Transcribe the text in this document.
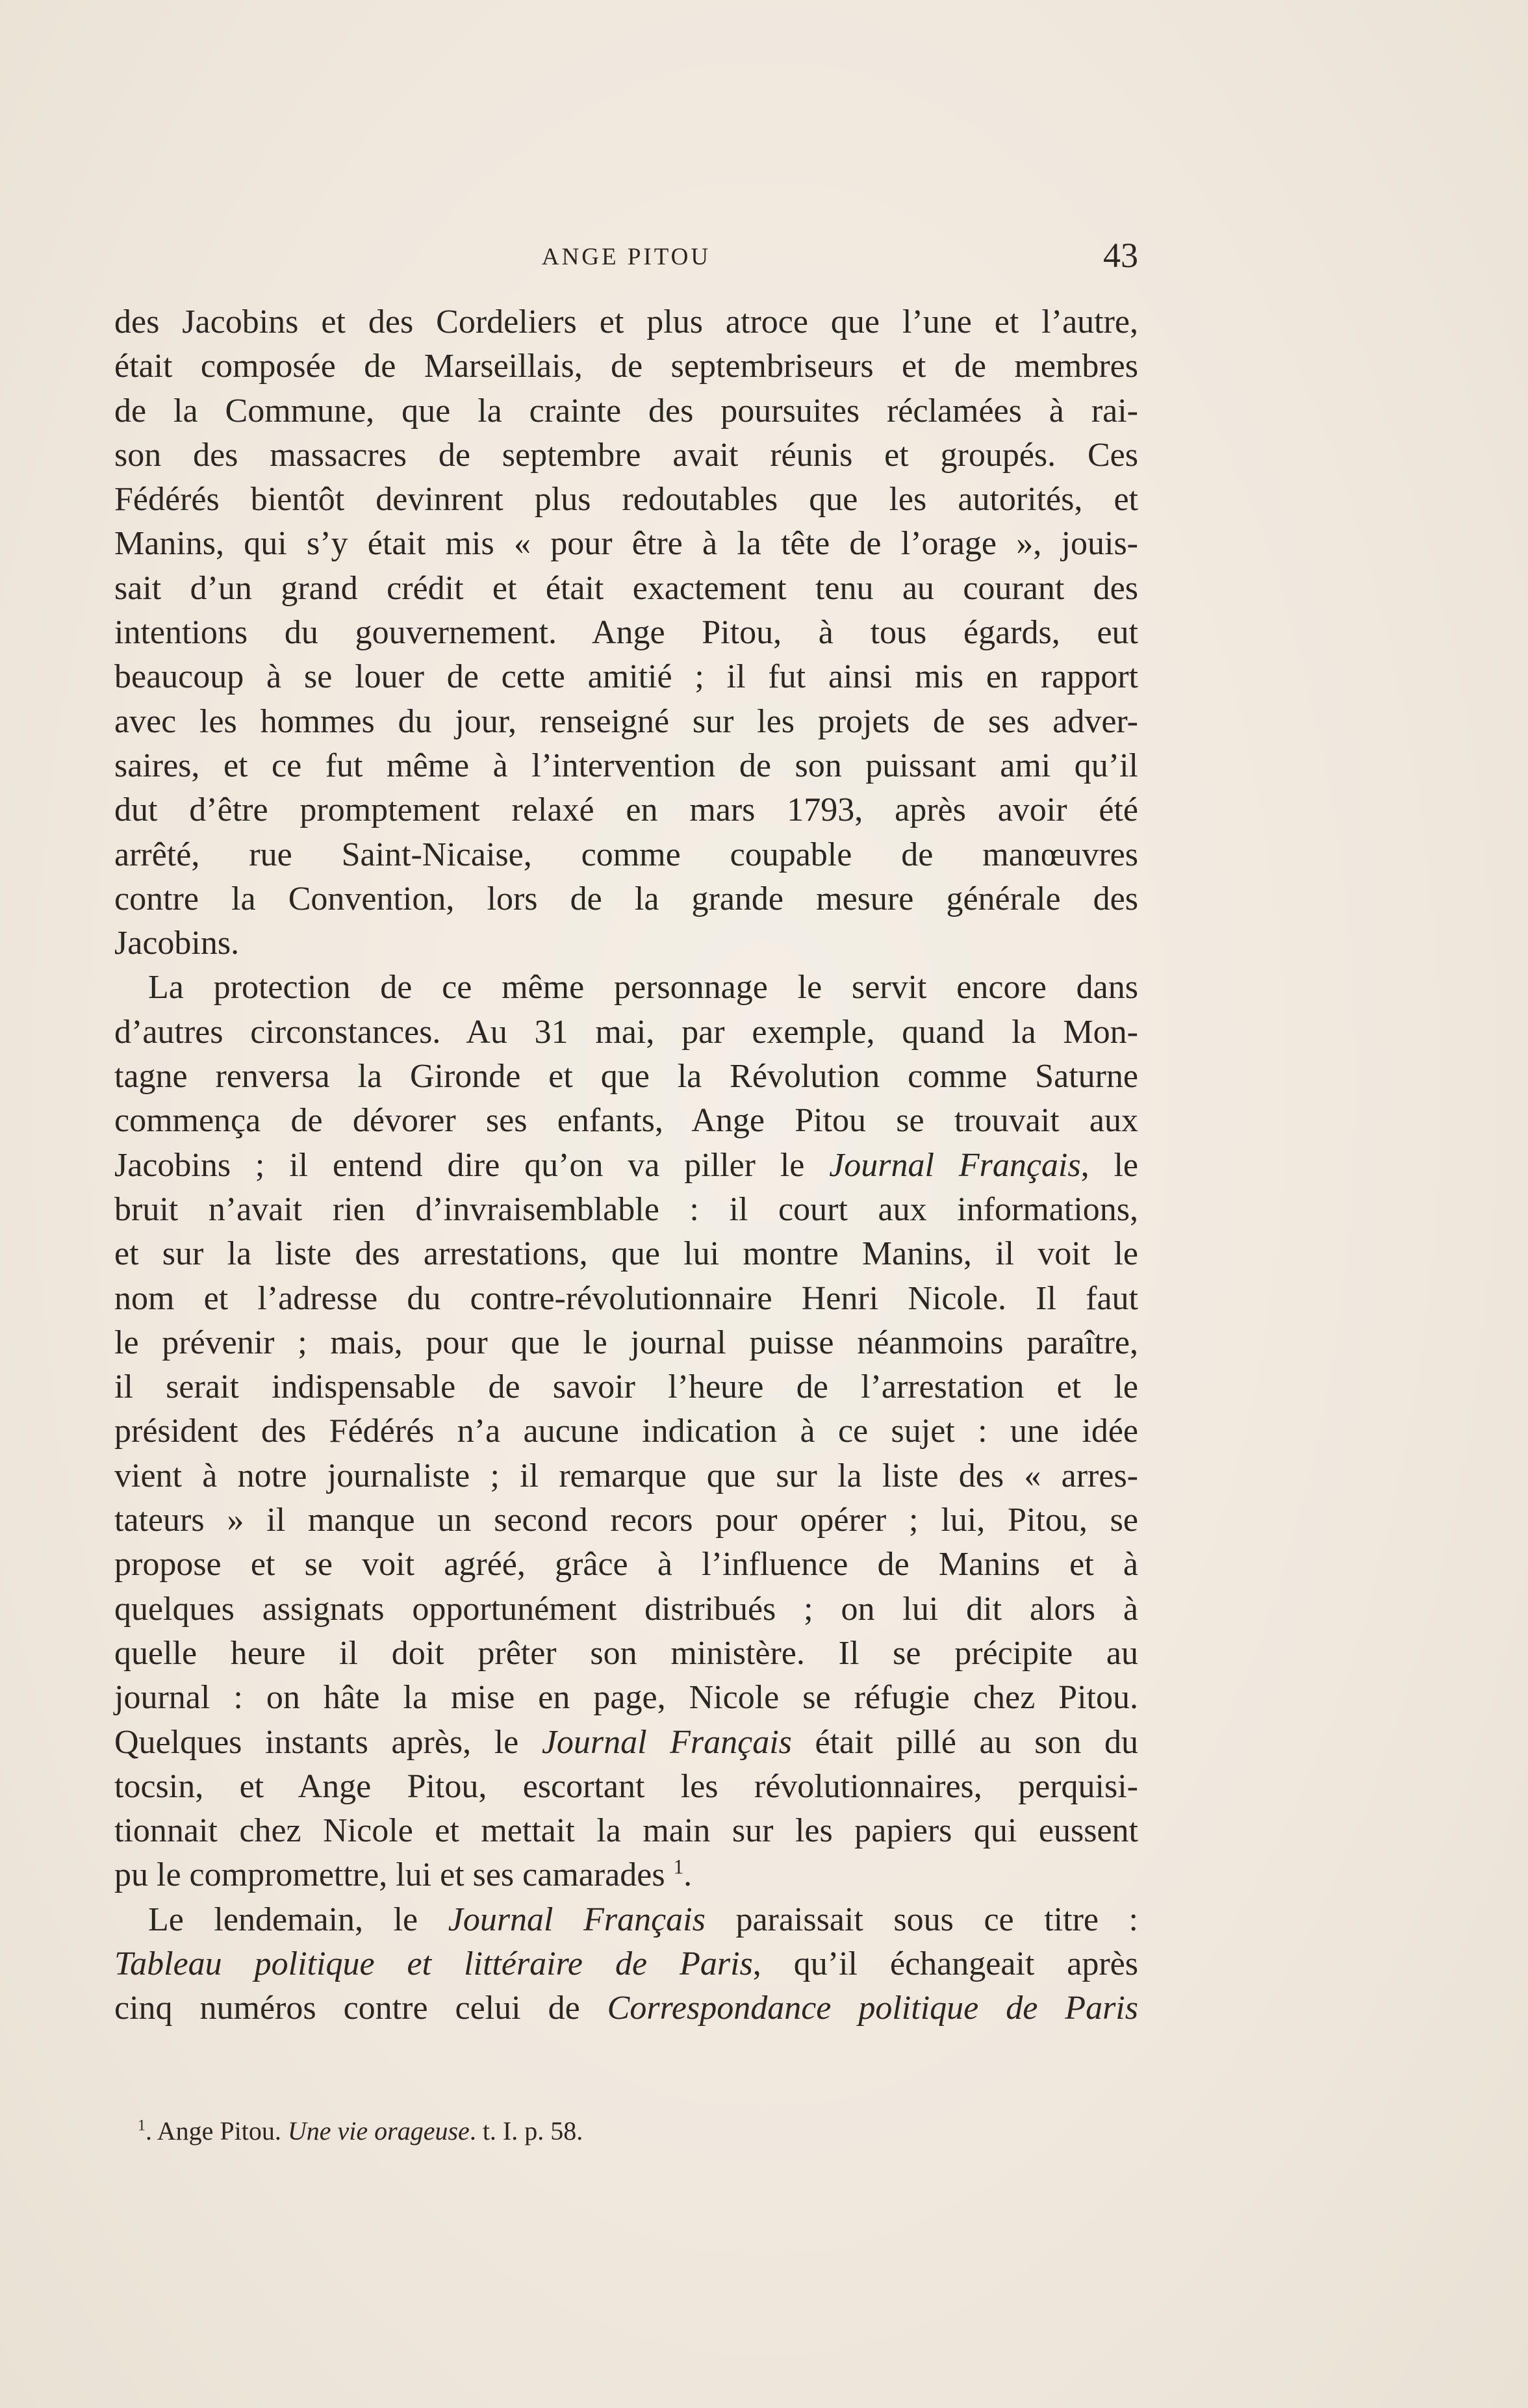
ANGE PITOU	43
des Jacobins et des Cordeliers et plus atroce que l’une et l’autre,
était composée de Marseillais, de septembriseurs et de membres
de la Commune, que la crainte des poursuites réclamées à rai-
son des massacres de septembre avait réunis et groupés. Ces
Fédérés bientôt devinrent plus redoutables que les autorités, et
Manins, qui s’y était mis « pour être à la tête de l’orage », jouis-
sait d’un grand crédit et était exactement tenu au courant des
intentions du gouvernement. Ange Pitou, à tous égards, eut
beaucoup à se louer de cette amitié ; il fut ainsi mis en rapport
avec les hommes du jour, renseigné sur les projets de ses adver-
saires, et ce fut même à l’intervention de son puissant ami qu’il
dut d’être promptement relaxé en mars 1793, après avoir été
arrêté, rue Saint-Nicaise, comme coupable de manœuvres
contre la Convention, lors de la grande mesure générale des
Jacobins.
La protection de ce même personnage le servit encore dans
d’autres circonstances. Au 31 mai, par exemple, quand la Mon-
tagne renversa la Gironde et que la Révolution comme Saturne
commença de dévorer ses enfants, Ange Pitou se trouvait aux
Jacobins ; il entend dire qu’on va piller le Journal Français, le
bruit n’avait rien d’invraisemblable : il court aux informations,
et sur la liste des arrestations, que lui montre Manins, il voit le
nom et l’adresse du contre-révolutionnaire Henri Nicole. Il faut
le prévenir ; mais, pour que le journal puisse néanmoins paraître,
il serait indispensable de savoir l’heure de l’arrestation et le
président des Fédérés n’a aucune indication à ce sujet : une idée
vient à notre journaliste ; il remarque que sur la liste des « arres-
tateurs » il manque un second recors pour opérer ; lui, Pitou, se
propose et se voit agréé, grâce à l’influence de Manins et à
quelques assignats opportunément distribués ; on lui dit alors à
quelle heure il doit prêter son ministère. Il se précipite au
journal : on hâte la mise en page, Nicole se réfugie chez Pitou.
Quelques instants après, le Journal Français était pillé au son du
tocsin, et Ange Pitou, escortant les révolutionnaires, perquisi-
tionnait chez Nicole et mettait la main sur les papiers qui eussent
pu le compromettre, lui et ses camarades $^1$.
Le lendemain, le Journal Français paraissait sous ce titre :
Tableau politique et littéraire de Paris, qu’il échangeait après
cinq numéros contre celui de Correspondance politique de Paris
$^1$. Ange Pitou. Une vie orageuse. t. I. p. 58.
